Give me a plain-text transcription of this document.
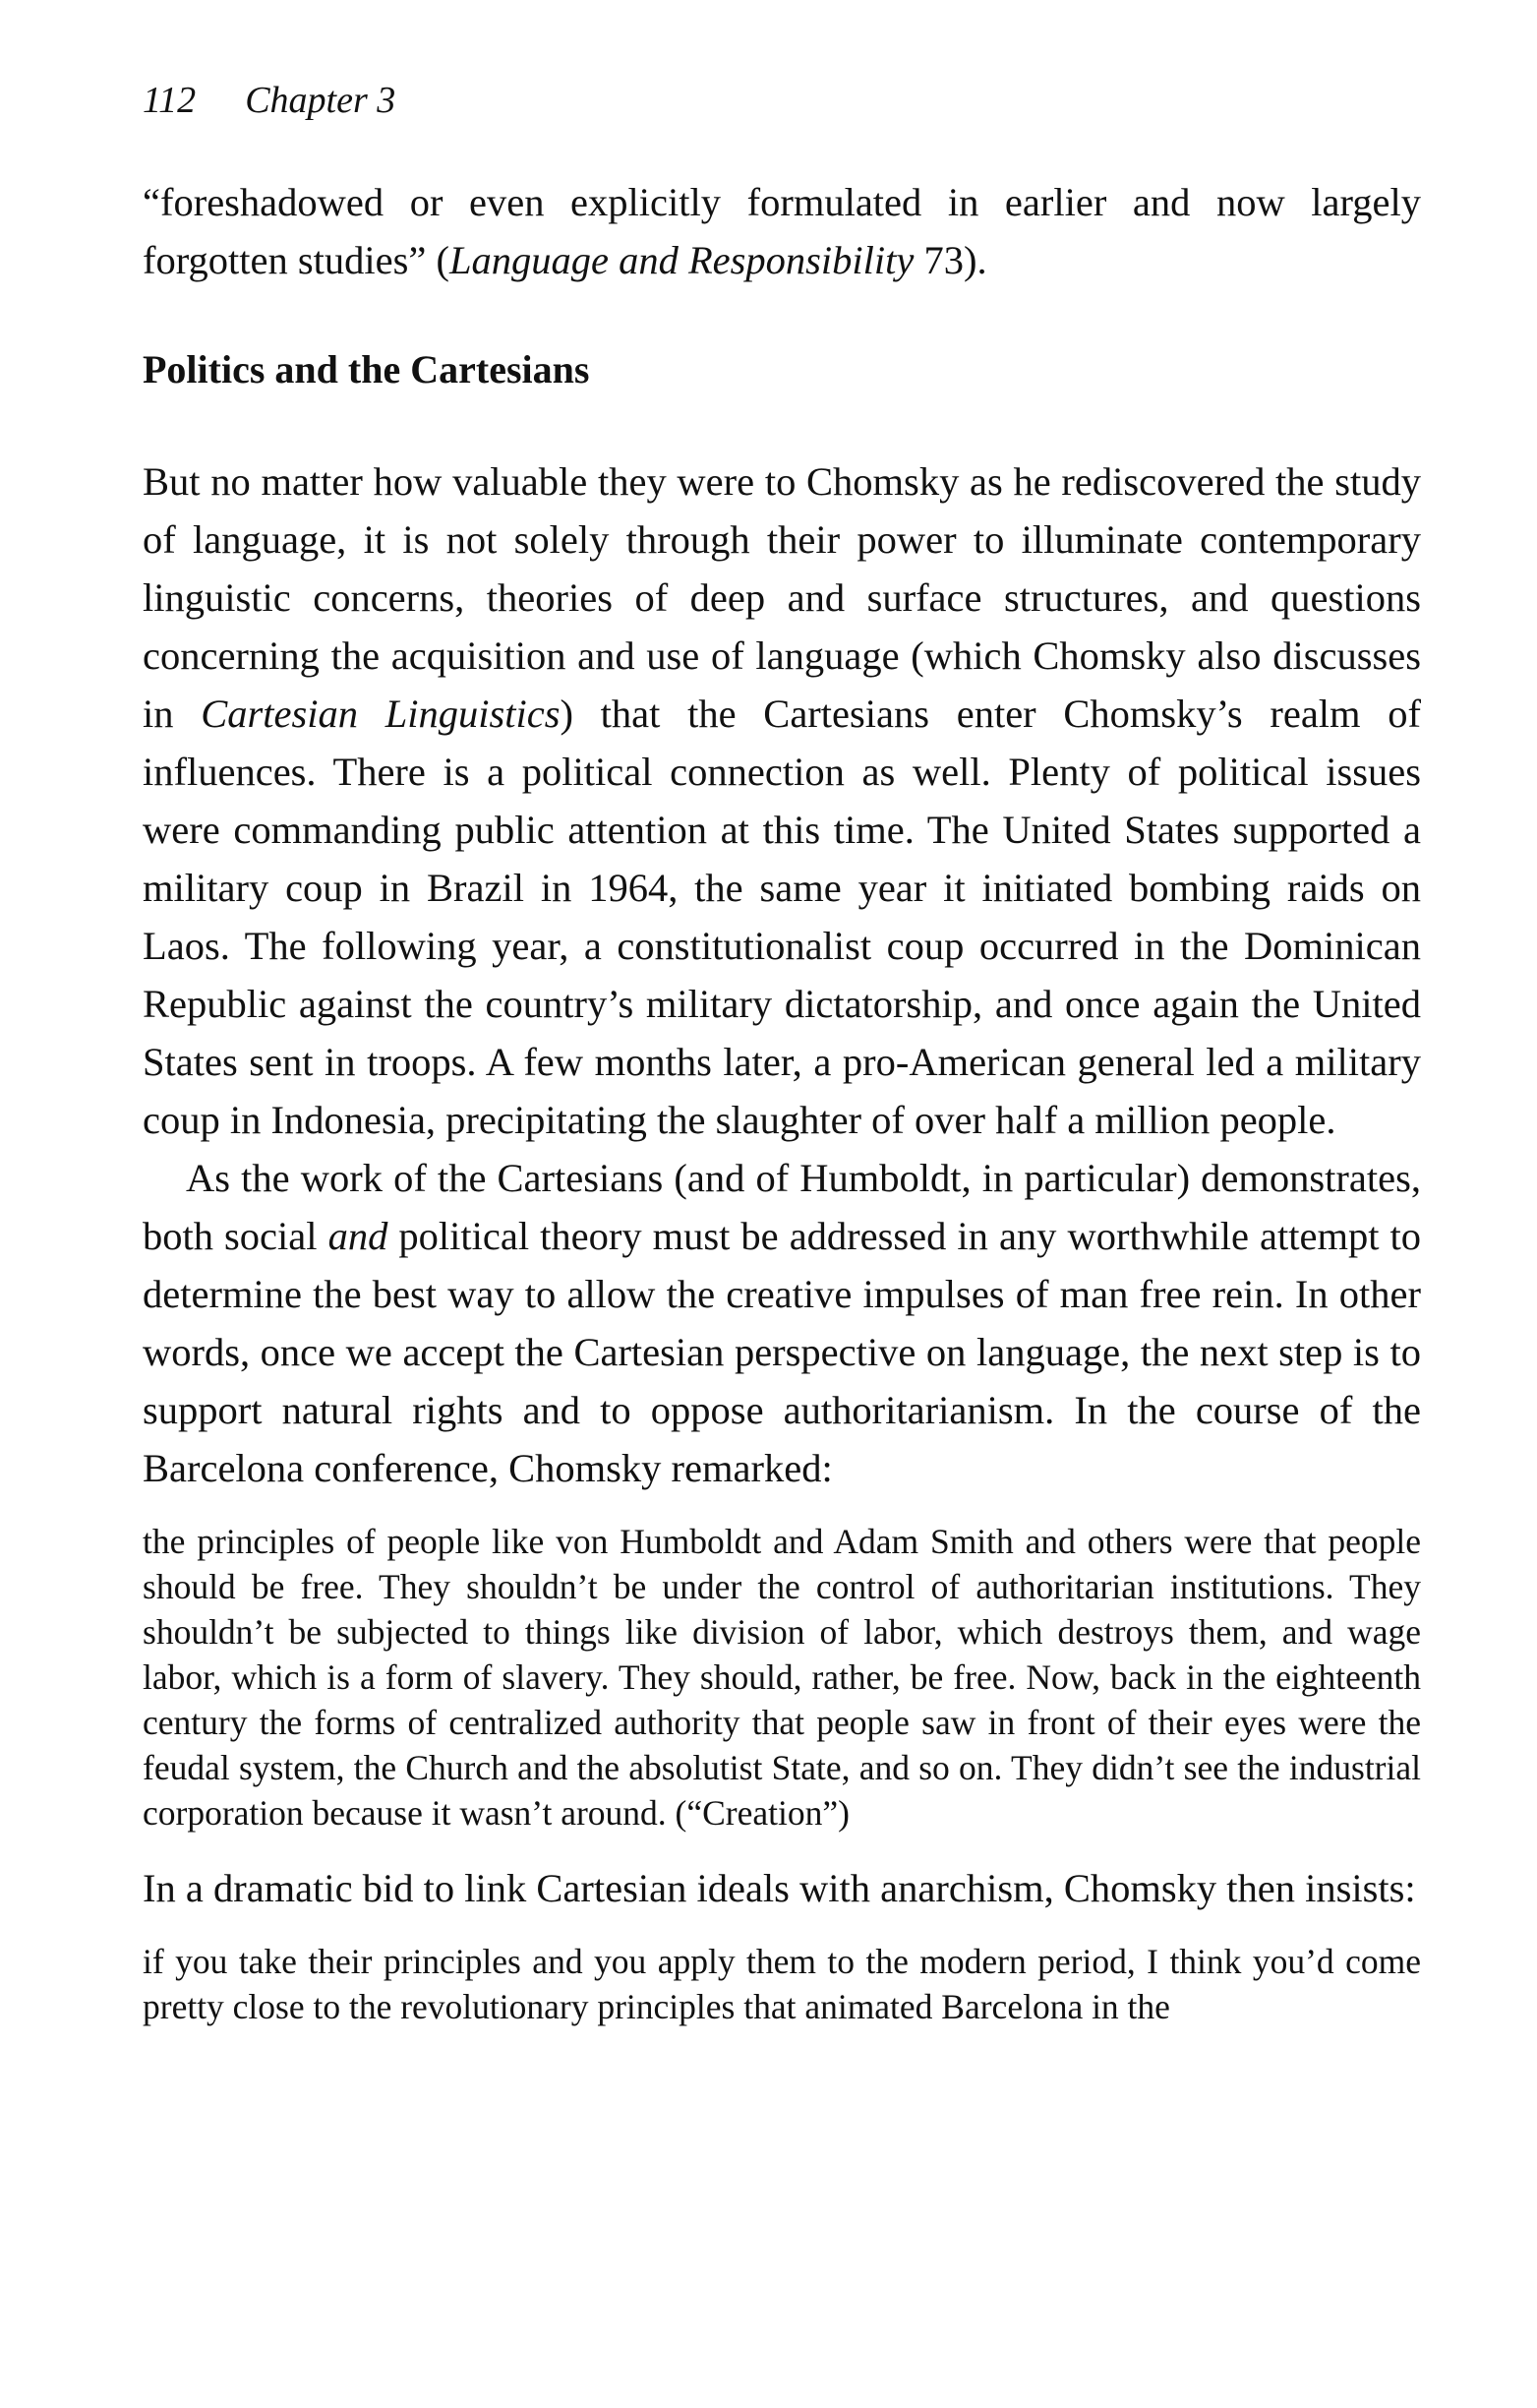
112 Chapter 3

“foreshadowed or even explicitly formulated in earlier and now largely forgotten studies” (Language and Responsibility 73).

Politics and the Cartesians

But no matter how valuable they were to Chomsky as he rediscovered the study of language, it is not solely through their power to illuminate contemporary linguistic concerns, theories of deep and surface structures, and questions concerning the acquisition and use of language (which Chomsky also discusses in Cartesian Linguistics) that the Cartesians enter Chomsky’s realm of influences. There is a political connection as well. Plenty of political issues were commanding public attention at this time. The United States supported a military coup in Brazil in 1964, the same year it initiated bombing raids on Laos. The following year, a constitutionalist coup occurred in the Dominican Republic against the country’s military dictatorship, and once again the United States sent in troops. A few months later, a pro-American general led a military coup in Indonesia, precipitating the slaughter of over half a million people.

As the work of the Cartesians (and of Humboldt, in particular) demonstrates, both social and political theory must be addressed in any worthwhile attempt to determine the best way to allow the creative impulses of man free rein. In other words, once we accept the Cartesian perspective on language, the next step is to support natural rights and to oppose authoritarianism. In the course of the Barcelona conference, Chomsky remarked:

the principles of people like von Humboldt and Adam Smith and others were that people should be free. They shouldn’t be under the control of authoritarian institutions. They shouldn’t be subjected to things like division of labor, which destroys them, and wage labor, which is a form of slavery. They should, rather, be free. Now, back in the eighteenth century the forms of centralized authority that people saw in front of their eyes were the feudal system, the Church and the absolutist State, and so on. They didn’t see the industrial corporation because it wasn’t around. (“Creation”)

In a dramatic bid to link Cartesian ideals with anarchism, Chomsky then insists:

if you take their principles and you apply them to the modern period, I think you’d come pretty close to the revolutionary principles that animated Barcelona in the
